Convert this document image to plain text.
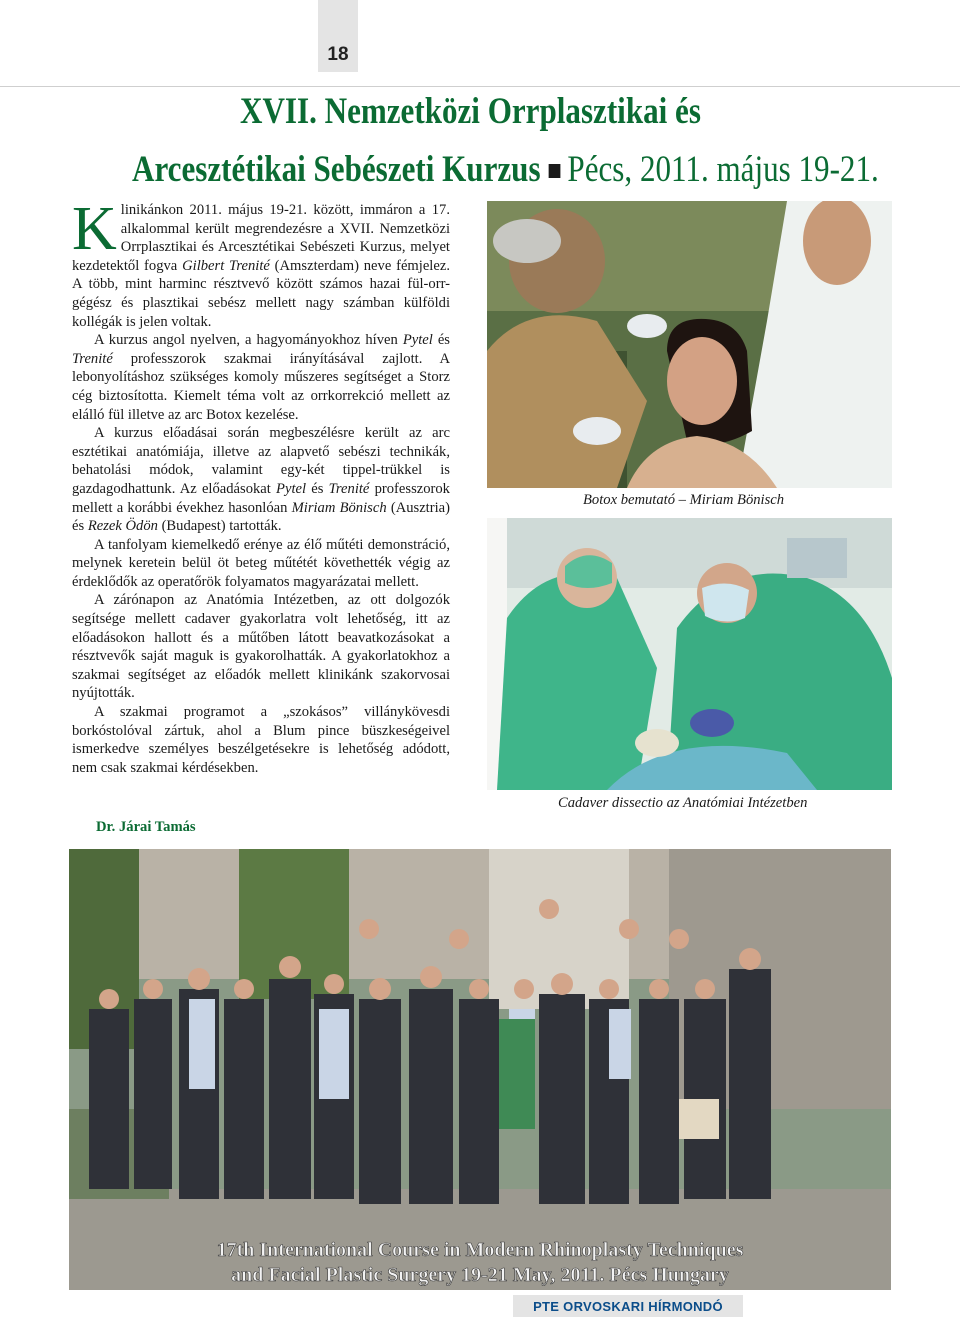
18
XVII. Nemzetközi Orrplasztikai és
Arcesztétikai Sebészeti Kurzus Pécs, 2011. május 19-21.

Klinikánkon 2011. május 19-21. között, immáron a 17. alkalommal került megrendezésre a XVII. Nemzetközi Orrplasztikai és Arcesztétikai Sebészeti Kurzus, melyet kezdetektől fogva Gilbert Trenité (Amszterdam) neve fémjelez. A több, mint harminc résztvevő között számos hazai fül-orr-gégész és plasztikai sebész mellett nagy számban külföldi kollégák is jelen voltak.

A kurzus angol nyelven, a hagyományokhoz híven Pytel és Trenité professzorok szakmai irányításával zajlott. A lebonyolításhoz szükséges komoly műszeres segítséget a Storz cég biztosította. Kiemelt téma volt az orrkorrekció mellett az elálló fül illetve az arc Botox kezelése.

A kurzus előadásai során megbeszélésre került az arc esztétikai anatómiája, illetve az alapvető sebészi technikák, behatolási módok, valamint egy-két tippel-trükkel is gazdagodhattunk. Az előadásokat Pytel és Trenité professzorok mellett a korábbi évekhez hasonlóan Miriam Bönisch (Ausztria) és Rezek Ödön (Budapest) tartották.

A tanfolyam kiemelkedő erénye az élő műtéti demonstráció, melynek keretein belül öt beteg műtétét követhették végig az érdeklődők az operatőrök folyamatos magyarázatai mellett.

A zárónapon az Anatómia Intézetben, az ott dolgozók segítsége mellett cadaver gyakorlatra volt lehetőség, itt az előadásokon hallott és a műtőben látott beavatkozásokat a résztvevők saját maguk is gyakorolhatták. A gyakorlatokhoz a szakmai segítséget az előadók mellett klinikánk szakorvosai nyújtották.

A szakmai programot a „szokásos” villánykövesdi borkóstolóval zártuk, ahol a Blum pince büszkeségeivel ismerkedve személyes beszélgetésekre is lehetőség adódott, nem csak szakmai kérdésekben.

Dr. Járai Tamás
Botox bemutató – Miriam Bönisch
Cadaver dissectio az Anatómiai Intézetben
17th International Course in Modern Rhinoplasty Techniques
and Facial Plastic Surgery 19-21 May, 2011. Pécs Hungary
PTE ORVOSKARI HÍRMONDÓ
